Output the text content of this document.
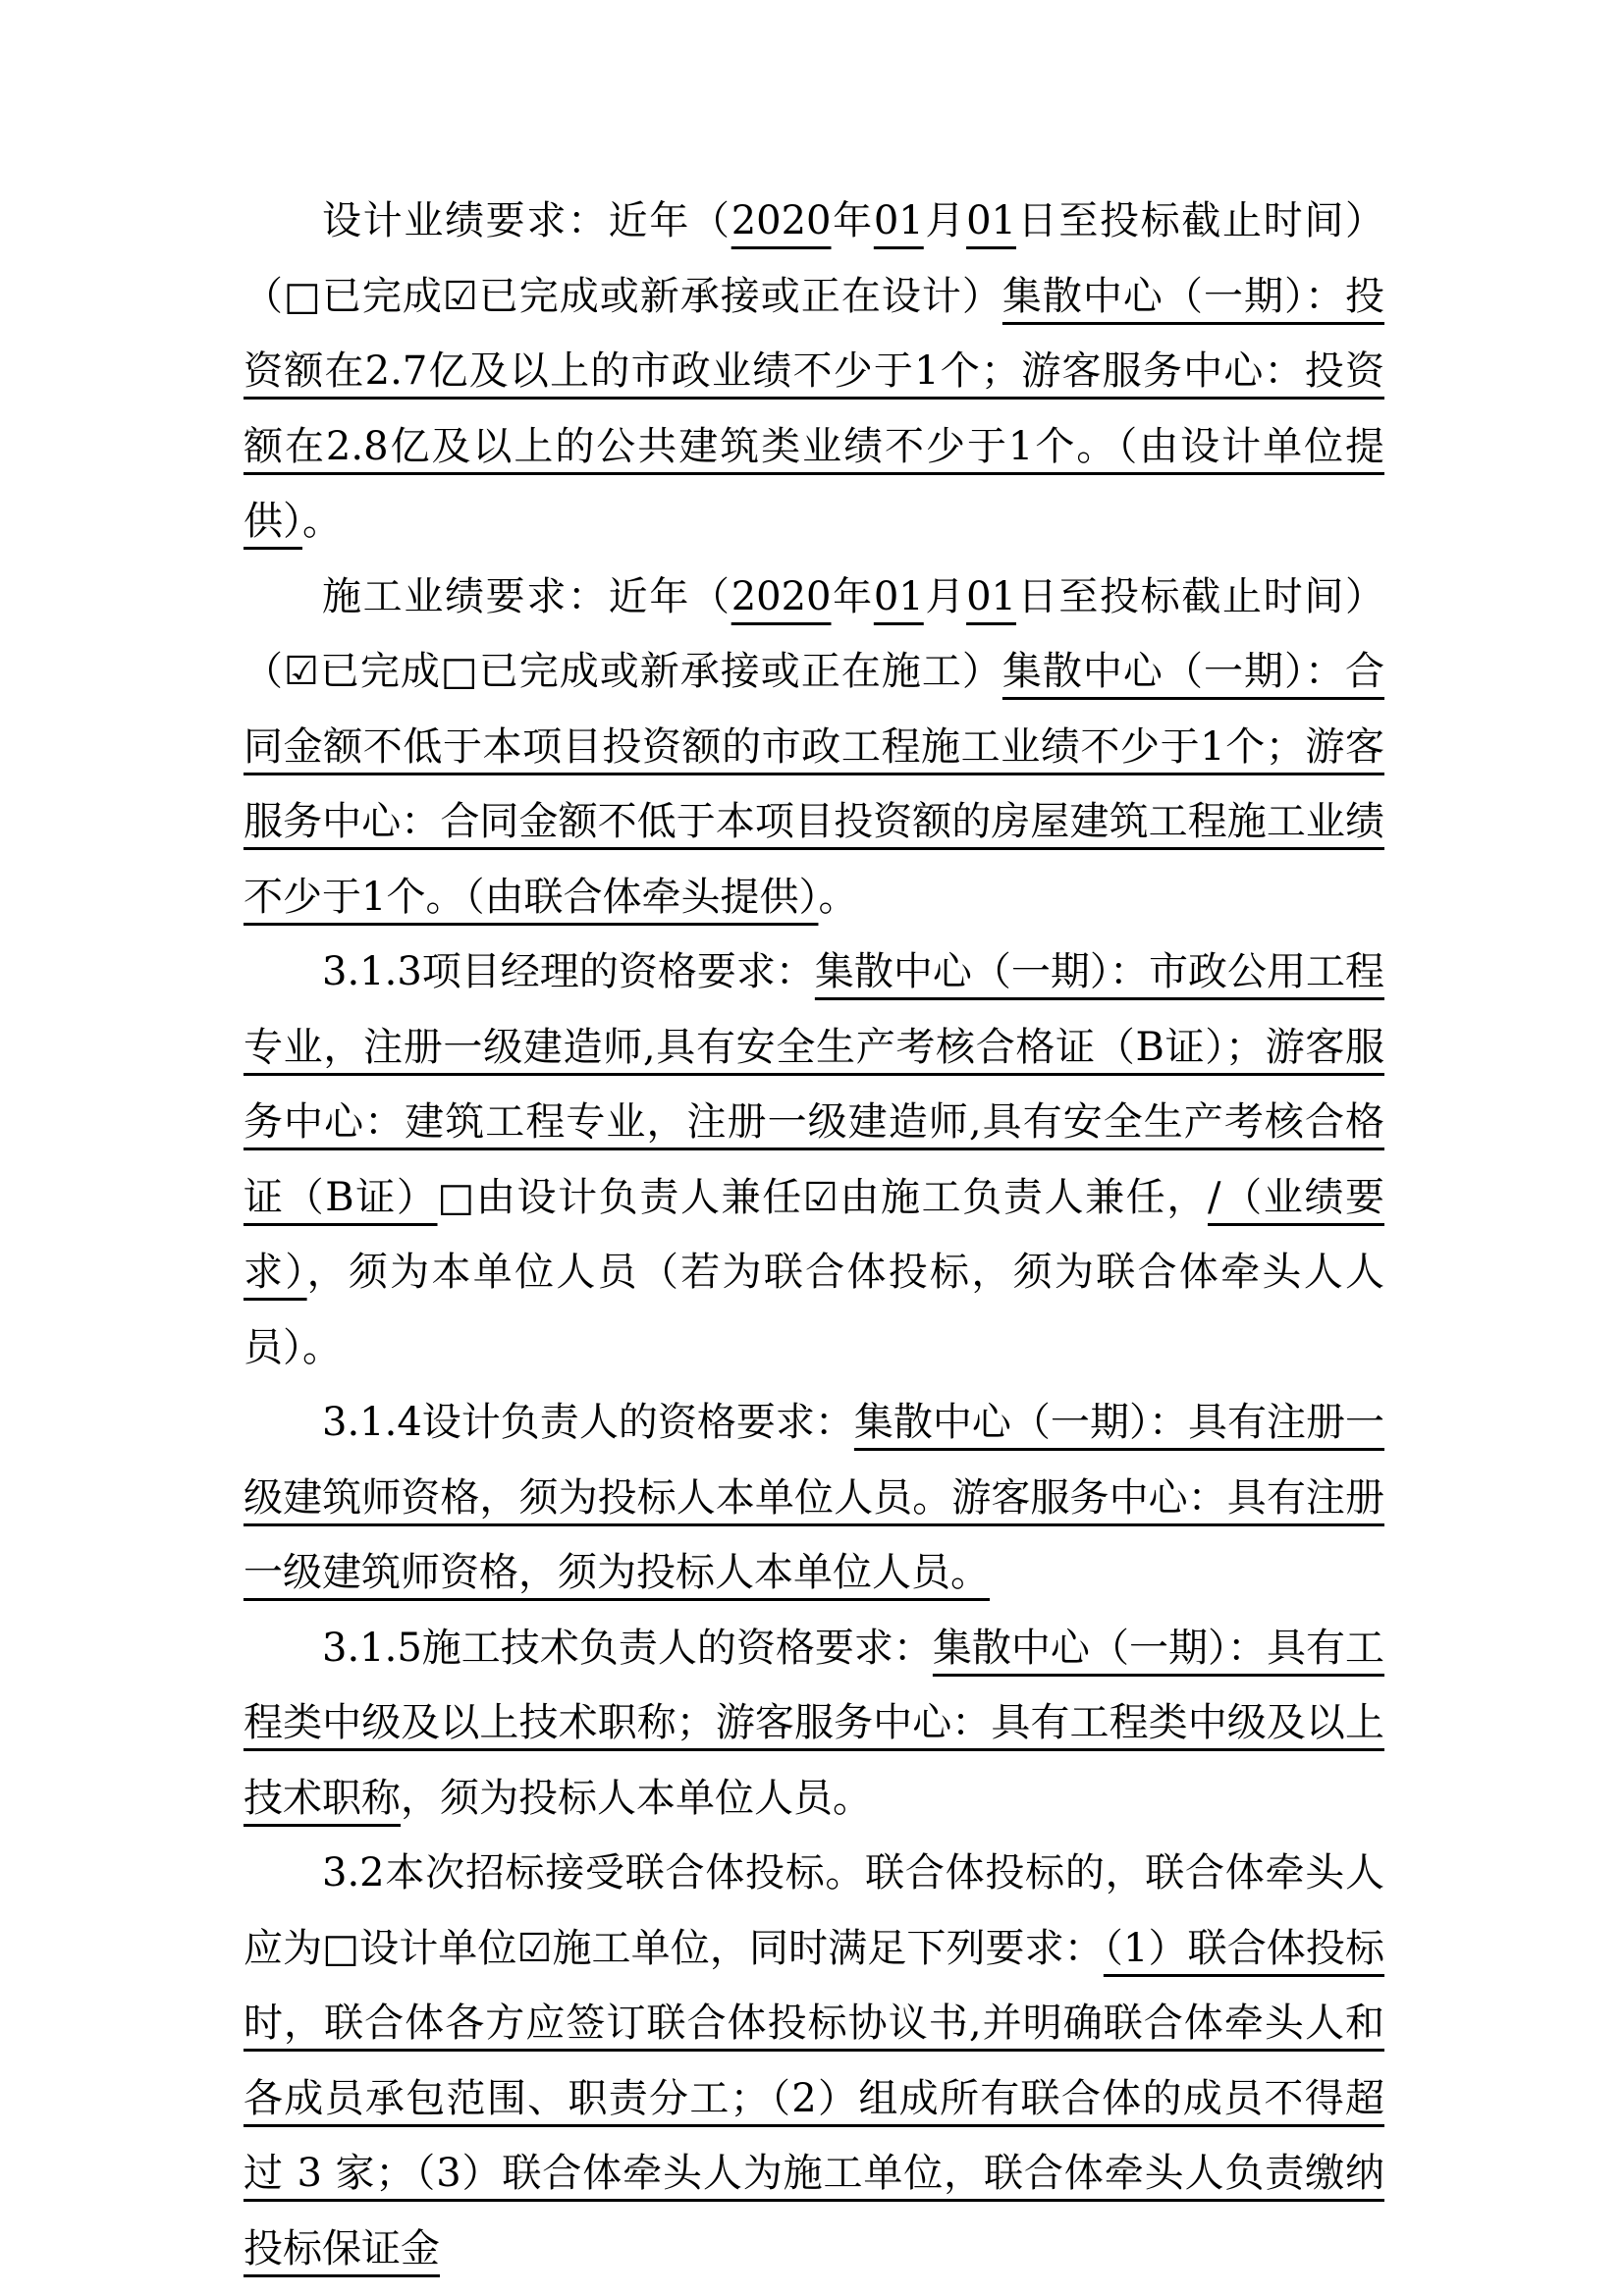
设计业绩要求：近年（2020年01月01日至投标截止时间）（□已完成☑已完成或新承接或正在设计）集散中心（一期）：投资额在2.7亿及以上的市政业绩不少于1个；游客服务中心：投资额在2.8亿及以上的公共建筑类业绩不少于1个。（由设计单位提供）。

施工业绩要求：近年（2020年01月01日至投标截止时间）（☑已完成□已完成或新承接或正在施工）集散中心（一期）：合同金额不低于本项目投资额的市政工程施工业绩不少于1个；游客服务中心：合同金额不低于本项目投资额的房屋建筑工程施工业绩不少于1个。（由联合体牵头提供）。

3.1.3项目经理的资格要求：集散中心（一期）：市政公用工程专业，注册一级建造师,具有安全生产考核合格证（B证）；游客服务中心：建筑工程专业，注册一级建造师,具有安全生产考核合格证（B证）□由设计负责人兼任☑由施工负责人兼任，/（业绩要求），须为本单位人员（若为联合体投标，须为联合体牵头人人员）。

3.1.4设计负责人的资格要求：集散中心（一期）：具有注册一级建筑师资格，须为投标人本单位人员。游客服务中心：具有注册一级建筑师资格，须为投标人本单位人员。

3.1.5施工技术负责人的资格要求：集散中心（一期）：具有工程类中级及以上技术职称；游客服务中心：具有工程类中级及以上技术职称，须为投标人本单位人员。

3.2本次招标接受联合体投标。联合体投标的，联合体牵头人应为□设计单位☑施工单位，同时满足下列要求：（1）联合体投标时，联合体各方应签订联合体投标协议书,并明确联合体牵头人和各成员承包范围、职责分工；（2）组成所有联合体的成员不得超过 3 家；（3）联合体牵头人为施工单位，联合体牵头人负责缴纳投标保证金
